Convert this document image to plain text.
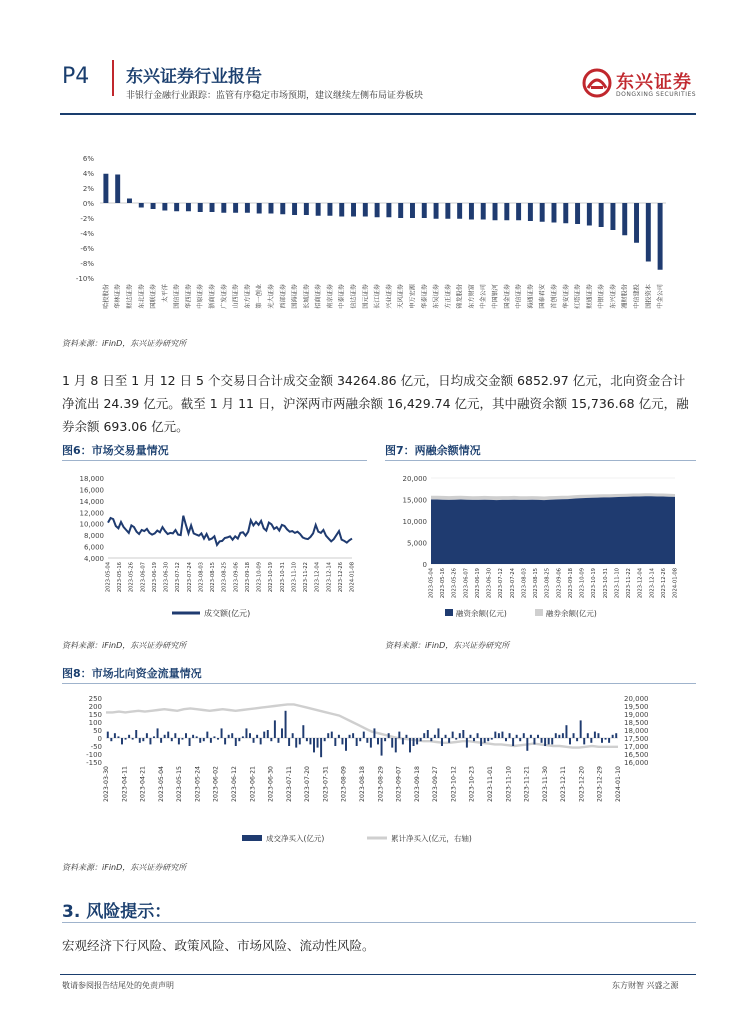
P4 东兴证券行业报告
非银行金融行业跟踪：监管有序稳定市场预期，建议继续左侧布局证券板块
东兴证券
DONGXING SECURITIES
6%
4%
2%
0%
-2%
-4%
-6%
-8%
-10%
哈投股份 华林证券 财达证券 东北证券 国联证券 太平洋 国信证券 华西证券 中原证券 浙商证券 广发证券 山西证券 东方证券 第一创业 光大证券 西部证券 国海证券 长城证券 招商证券 南京证券 中泰证券 信达证券 国元证券 长江证券 兴业证券 天风证券 申万宏源 华泰证券 东吴证券 方正证券 锦龙股份 东方财富 中金公司 中国银河 国金证券 中信证券 海通证券 国泰君安 首创证券 华安证券 红塔证券 财通证券 中银证券 东兴证券 湘财股份 中信建投 国投资本 中金公司
资料来源：iFinD，东兴证券研究所
1 月 8 日至 1 月 12 日 5 个交易日合计成交金额 34264.86 亿元，日均成交金额 6852.97 亿元，北向资金合计净流出 24.39 亿元。截至 1 月 11 日，沪深两市两融余额 16,429.74 亿元，其中融资余额 15,736.68 亿元，融券余额 693.06 亿元。
图6：市场交易量情况
18,000
16,000
14,000
12,000
10,000
8,000
6,000
4,000
2023-05-04 2023-05-16 2023-05-26 2023-06-07 2023-06-19 2023-06-30 2023-07-12 2023-07-24 2023-08-03 2023-08-15 2023-08-25 2023-09-06 2023-09-18 2023-10-09 2023-10-19 2023-10-31 2023-11-10 2023-11-22 2023-12-04 2023-12-14 2023-12-26 2024-01-08
成交额(亿元)
资料来源：iFinD，东兴证券研究所
图7：两融余额情况
20,000
15,000
10,000
5,000
0
2023-05-04 2023-05-16 2023-05-26 2023-06-07 2023-06-19 2023-06-30 2023-07-12 2023-07-24 2023-08-03 2023-08-15 2023-08-25 2023-09-06 2023-09-18 2023-10-09 2023-10-19 2023-10-31 2023-11-10 2023-11-22 2023-12-04 2023-12-14 2023-12-26 2024-01-08
融资余额(亿元)	融券余额(亿元)
资料来源：iFinD，东兴证券研究所
图8：市场北向资金流量情况
250
200
150
100
50
0
-50
-100
-150
20,000
19,500
19,000
18,500
18,000
17,500
17,000
16,500
16,000
2023-03-30 2023-04-11 2023-04-21 2023-05-04 2023-05-15 2023-05-24 2023-06-02 2023-06-12 2023-06-21 2023-06-30 2023-07-11 2023-07-20 2023-07-31 2023-08-09 2023-08-18 2023-08-29 2023-09-07 2023-09-18 2023-09-27 2023-10-12 2023-10-23 2023-11-01 2023-11-10 2023-11-21 2023-11-30 2023-12-11 2023-12-20 2023-12-29 2024-01-10
成交净买入(亿元)	累计净买入(亿元，右轴)
资料来源：iFinD，东兴证券研究所
3. 风险提示：
宏观经济下行风险、政策风险、市场风险、流动性风险。
敬请参阅报告结尾处的免责声明	东方财智 兴盛之源
